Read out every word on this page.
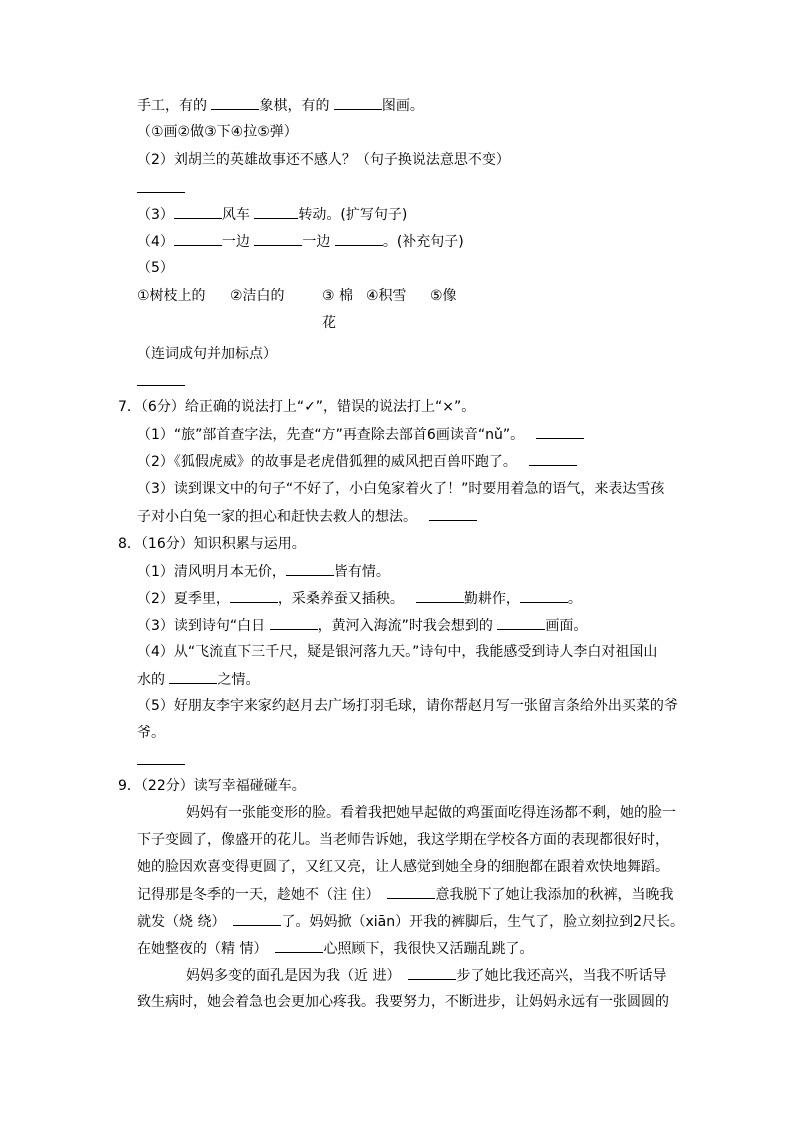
手工，有的	象棋，有的	图画。
（①画②做③下④拉⑤弹）
（2）刘胡兰的英雄故事还不感人？（句子换说法意思不变）
（3）	风车	转动。(扩写句子)
（4）	一边	一边	。(补充句子)
（5）
①树枝上的 ②洁白的	③ 棉
花
④积雪 ⑤像
（连词成句并加标点）
7．（6分）给正确的说法打上“✓”，错误的说法打上“×”。
（1）“旅”部首查字法，先查“方”再查除去部首6画读音“nǔ”。
（2）《狐假虎威》的故事是老虎借狐狸的威风把百兽吓跑了。
（3）读到课文中的句子“不好了，小白兔家着火了！”时要用着急的语气，来表达雪孩
子对小白兔一家的担心和赶快去救人的想法。
8．（16分）知识积累与运用。
（1）清风明月本无价，	皆有情。
（2）夏季里，	，采桑养蚕又插秧。	勤耕作，	。
（3）读到诗句“白日	，黄河入海流”时我会想到的	画面。
（4）从“飞流直下三千尺，疑是银河落九天。”诗句中，我能感受到诗人李白对祖国山
水的	之情。
（5）好朋友李宇来家约赵月去广场打羽毛球，请你帮赵月写一张留言条给外出买菜的爷
爷。
9．（22分）读写幸福碰碰车。
妈妈有一张能变形的脸。看着我把她早起做的鸡蛋面吃得连汤都不剩，她的脸一
下子变圆了，像盛开的花儿。当老师告诉她，我这学期在学校各方面的表现都很好时，
她的脸因欢喜变得更圆了，又红又亮，让人感觉到她全身的细胞都在跟着欢快地舞蹈。
记得那是冬季的一天，趁她不（注 住）	意我脱下了她让我添加的秋裤，当晚我
就发（烧 绕）	了。妈妈掀（xiān）开我的裤脚后，生气了，脸立刻拉到2尺长。
在她整夜的（精 情）	心照顾下，我很快又活蹦乱跳了。
妈妈多变的面孔是因为我（近 进）	步了她比我还高兴，当我不听话导
致生病时，她会着急也会更加心疼我。我要努力，不断进步，让妈妈永远有一张圆圆的
